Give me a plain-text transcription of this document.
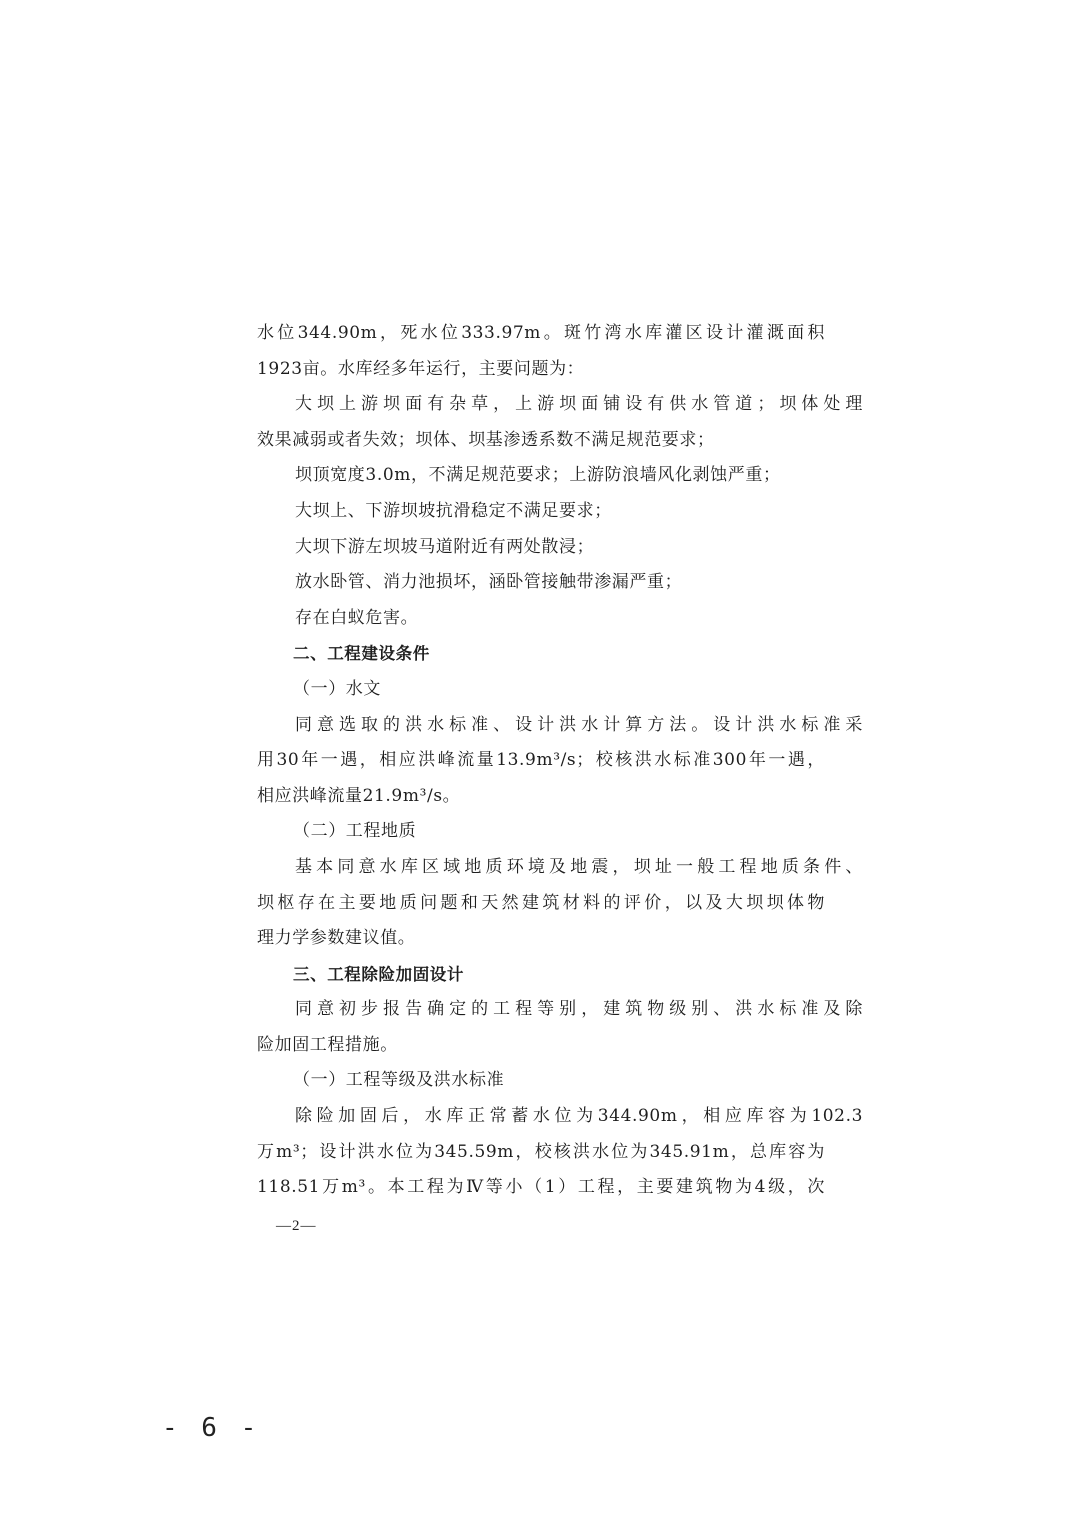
水位344.90m，死水位333.97m。斑竹湾水库灌区设计灌溉面积
1923亩。水库经多年运行，主要问题为：
大坝上游坝面有杂草，上游坝面铺设有供水管道；坝体处理
效果减弱或者失效；坝体、坝基渗透系数不满足规范要求；
坝顶宽度3.0m，不满足规范要求；上游防浪墙风化剥蚀严重；
大坝上、下游坝坡抗滑稳定不满足要求；
大坝下游左坝坡马道附近有两处散浸；
放水卧管、消力池损坏，涵卧管接触带渗漏严重；
存在白蚁危害。
二、工程建设条件
（一）水文
同意选取的洪水标准、设计洪水计算方法。设计洪水标准采
用30年一遇，相应洪峰流量13.9m³/s；校核洪水标准300年一遇，
相应洪峰流量21.9m³/s。
（二）工程地质
基本同意水库区域地质环境及地震，坝址一般工程地质条件、
坝枢存在主要地质问题和天然建筑材料的评价，以及大坝坝体物
理力学参数建议值。
三、工程除险加固设计
同意初步报告确定的工程等别，建筑物级别、洪水标准及除
险加固工程措施。
（一）工程等级及洪水标准
除险加固后，水库正常蓄水位为344.90m，相应库容为102.3
万m³；设计洪水位为345.59m，校核洪水位为345.91m，总库容为
118.51万m³。本工程为Ⅳ等小（1）工程，主要建筑物为4级，次
—2—
- 6 -
